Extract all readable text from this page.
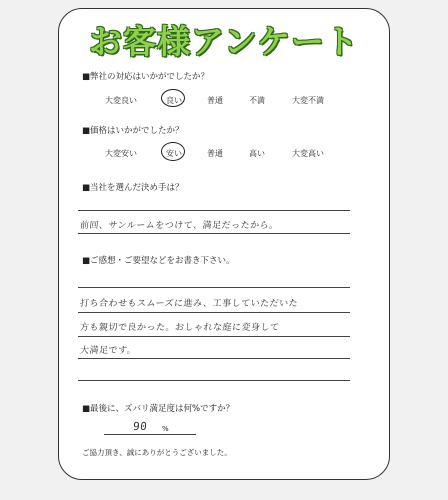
お客様アンケート
■弊社の対応はいかがでしたか？
大変良い	良い	普通	不満	大変不満
■価格はいかがでしたか？
大変安い	安い	普通	高い	大変高い
■当社を選んだ決め手は？
前回、サンルームをつけて、満足だったから。
■ご感想・ご要望などをお書き下さい。
打ち合わせもスムーズに進み、工事していただいた
方も親切で良かった。おしゃれな庭に変身して
大満足です。
■最後に、ズバリ満足度は何%ですか？
90 %
ご協力頂き、誠にありがとうございました。
